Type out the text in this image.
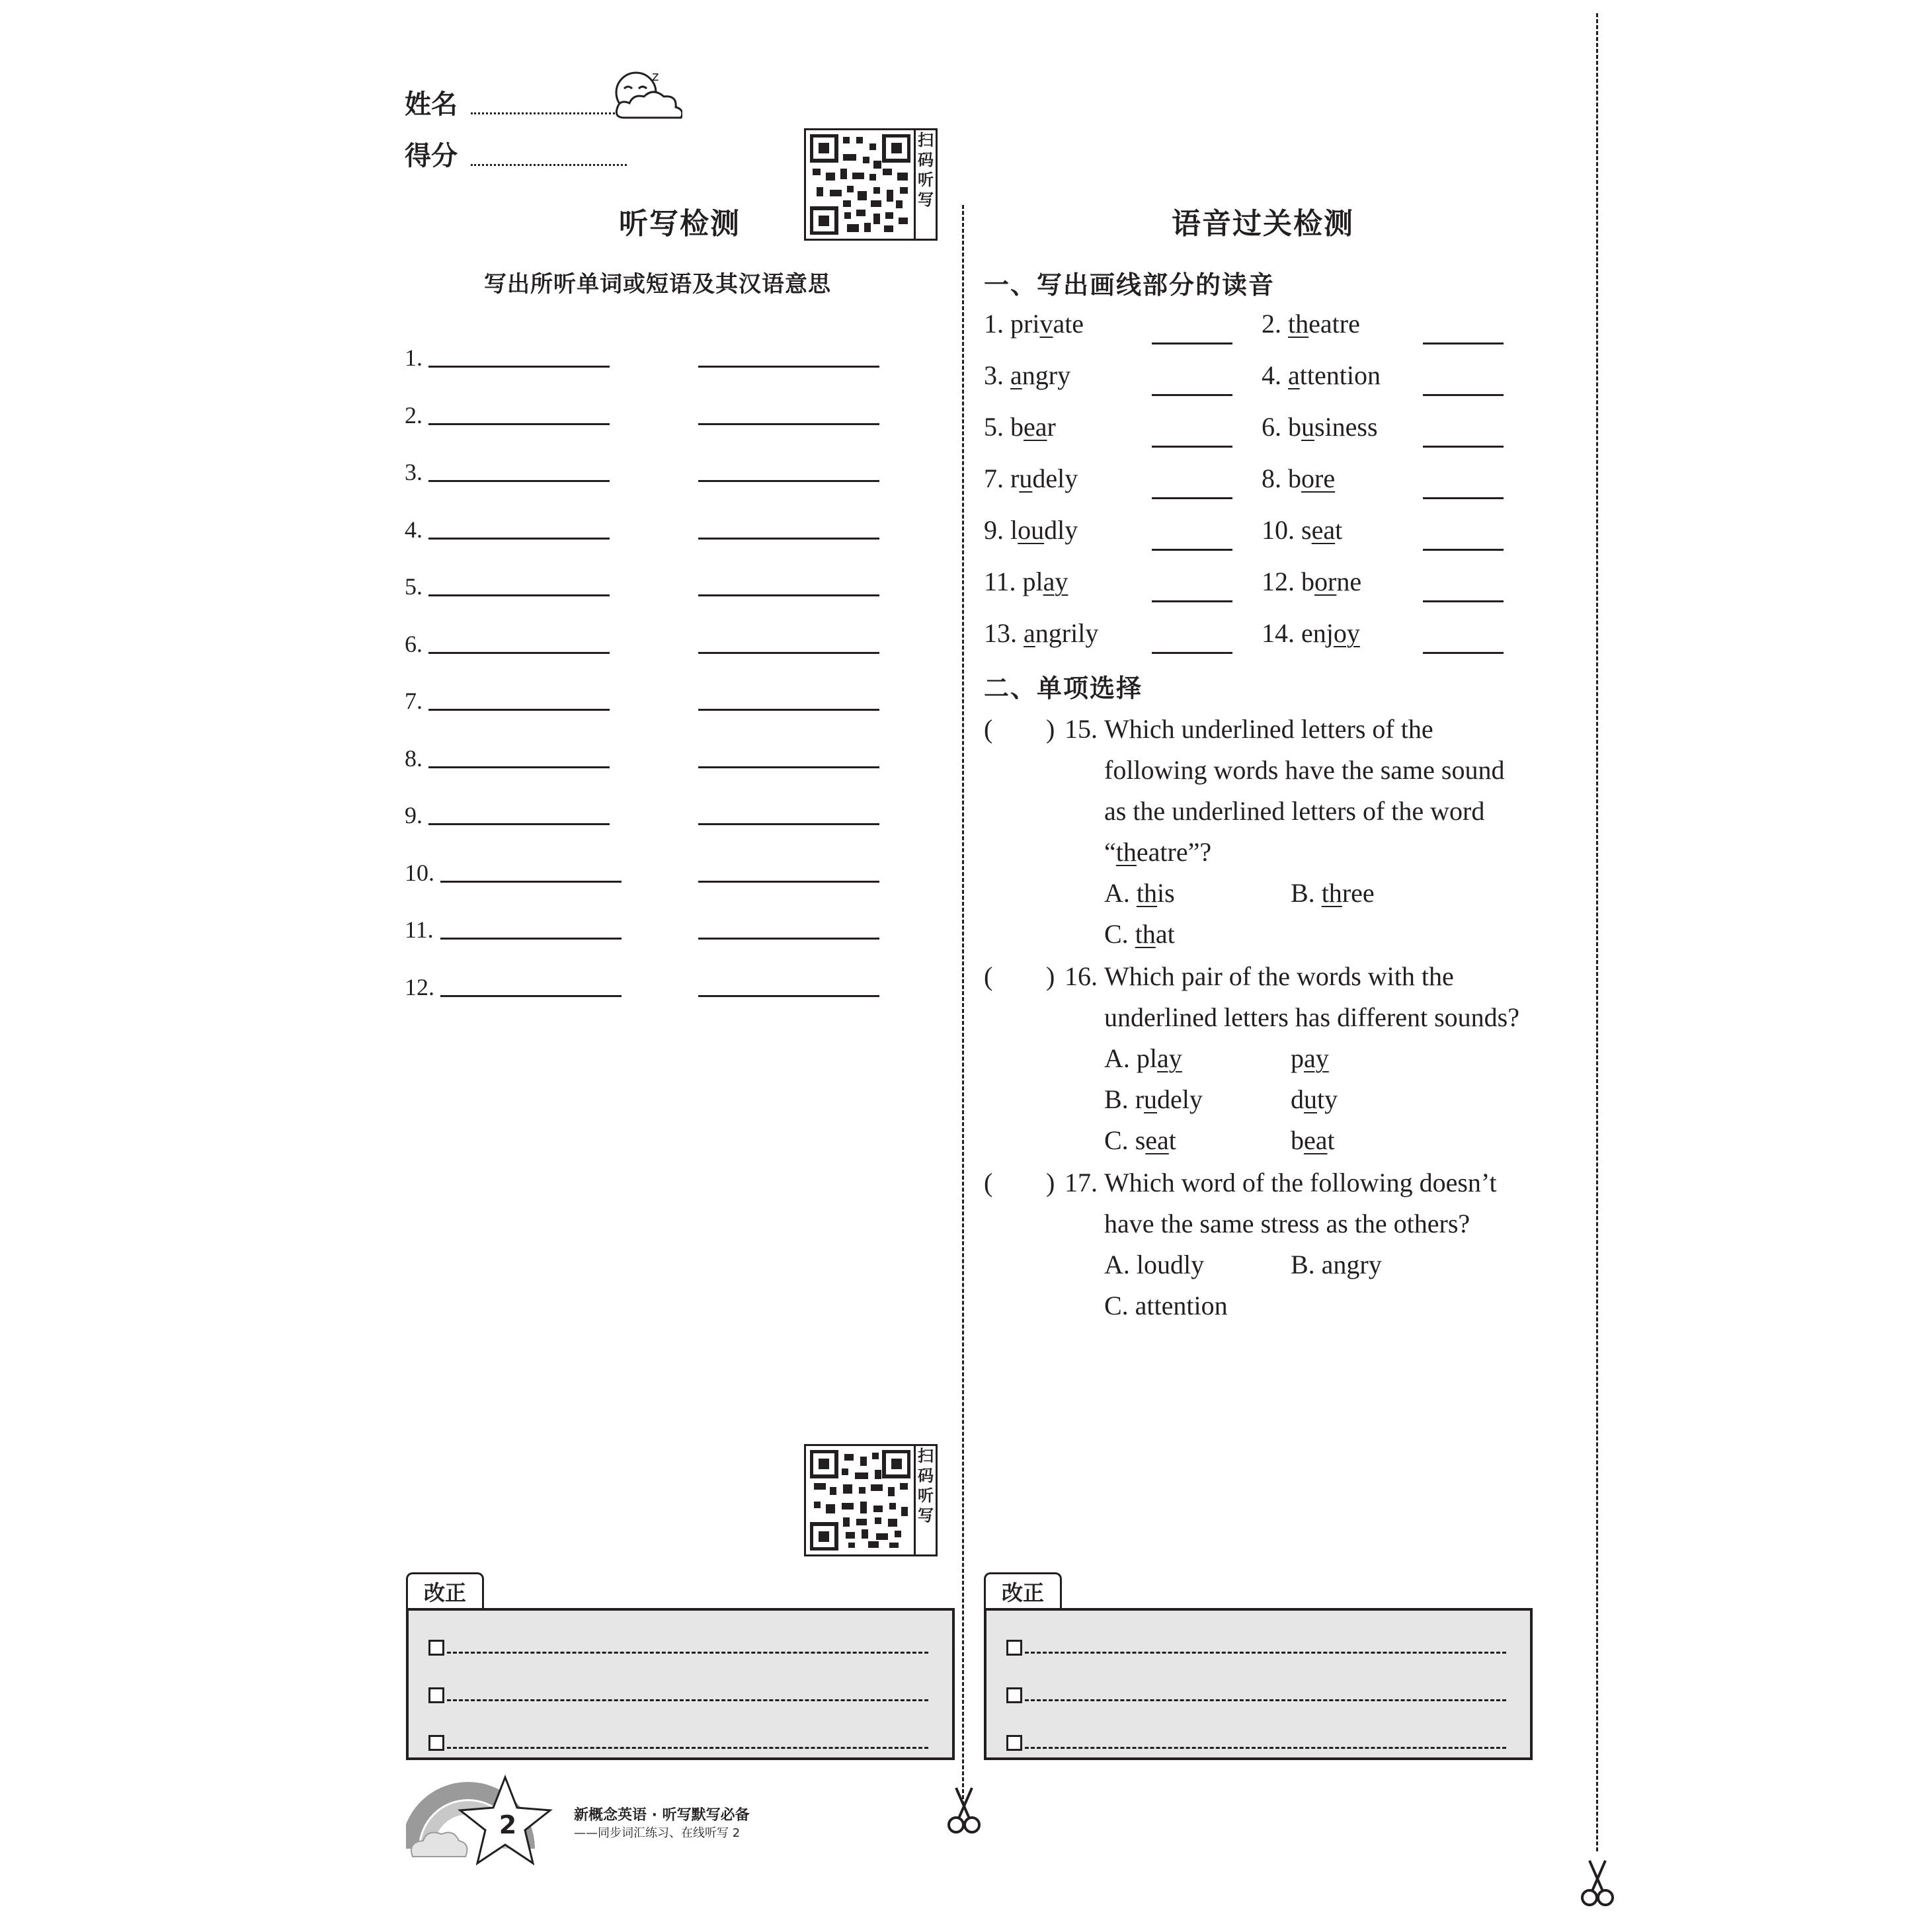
姓名
得分
z
扫码听写
听写检测
写出所听单词或短语及其汉语意思
1.
2.
3.
4.
5.
6.
7.
8.
9.
10.
11.
12.
语音过关检测
一、写出画线部分的读音
1. private	2. theatre
3. angry	4. attention
5. bear	6. business
7. rudely	8. bore
9. loudly	10. seat
11. play	12. borne
13. angrily	14. enjoy
二、单项选择
( ) 15. Which underlined letters of the
following words have the same sound
as the underlined letters of the word
“theatre”?
A. this	B. three
C. that
( ) 16. Which pair of the words with the
underlined letters has different sounds?
A. play	pay
B. rudely	duty
C. seat	beat
( ) 17. Which word of the following doesn’t
have the same stress as the others?
A. loudly	B. angry
C. attention
扫码听写
改正	改正
2	新概念英语 · 听写默写必备
——同步词汇练习、在线听写 2
